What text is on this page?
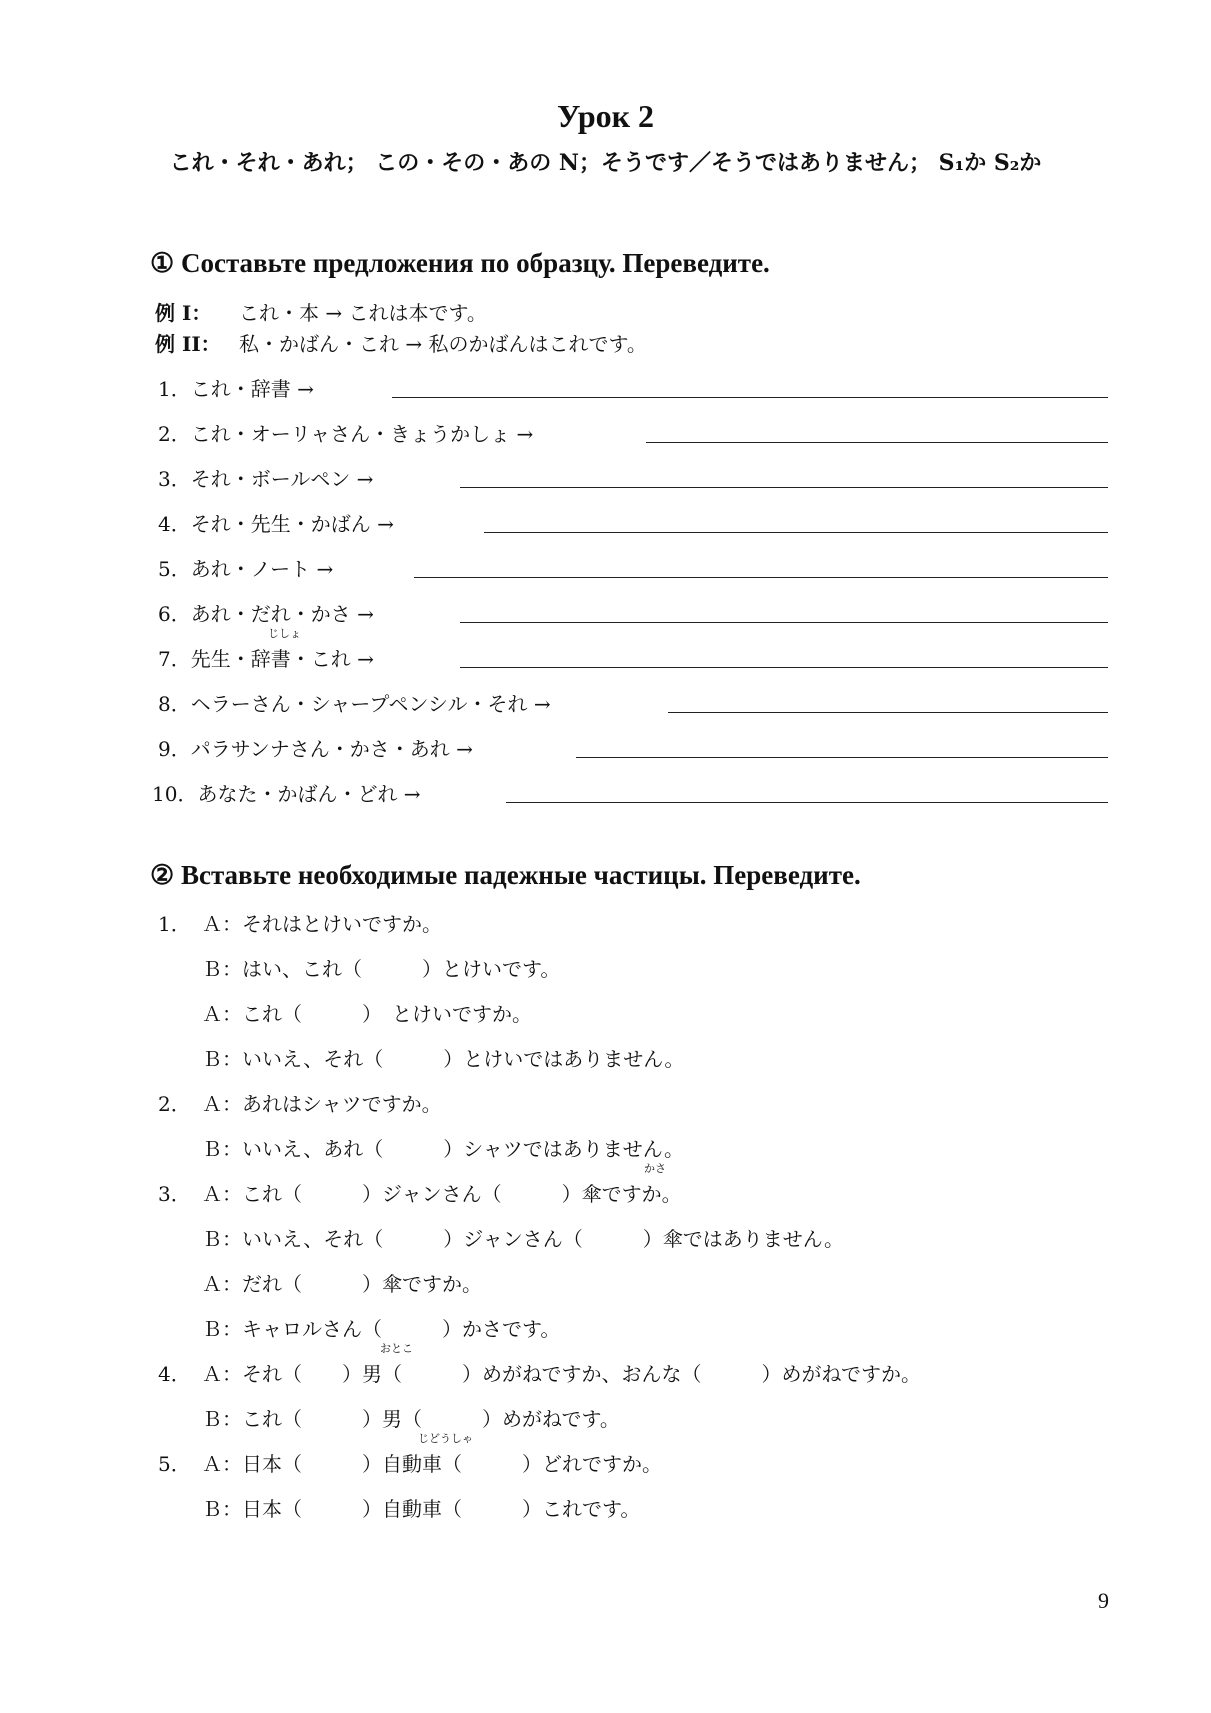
Урок 2
これ・それ・あれ； この・その・あの N；そうです／そうではありません； S₁か S₂か
① Составьте предложения по образцу. Переведите.
例 I： これ・本 → これは本です。
例 II： 私・かばん・これ → 私のかばんはこれです。
1．これ・辞書 →
2．これ・オーリャさん・きょうかしょ →
3．それ・ボールペン →
4．それ・先生・かばん →
5．あれ・ノート →
6．あれ・だれ・かさ →
じしょ
7．先生・辞書・これ →
8．ヘラーさん・シャープペンシル・それ →
9．パラサンナさん・かさ・あれ →
10．あなた・かばん・どれ →
② Вставьте необходимые падежные частицы. Переведите.
1． Ａ：それはとけいですか。
Ｂ：はい、これ（　　　）とけいです。
Ａ：これ（　　　）　とけいですか。
Ｂ：いいえ、それ（　　　）とけいではありません。
2． Ａ：あれはシャツですか。
Ｂ：いいえ、あれ（　　　）シャツではありません。
かさ
3． Ａ：これ（　　　）ジャンさん（　　　）傘ですか。
Ｂ：いいえ、それ（　　　）ジャンさん（　　　）傘ではありません。
Ａ：だれ（　　　）傘ですか。
Ｂ：キャロルさん（　　　）かさです。
おとこ
4． Ａ：それ（　　）男（　　　）めがねですか、おんな（　　　）めがねですか。
Ｂ：これ（　　　）男（　　　）めがねです。
じどうしゃ
5． Ａ：日本（　　　）自動車（　　　）どれですか。
Ｂ：日本（　　　）自動車（　　　）これです。
9
